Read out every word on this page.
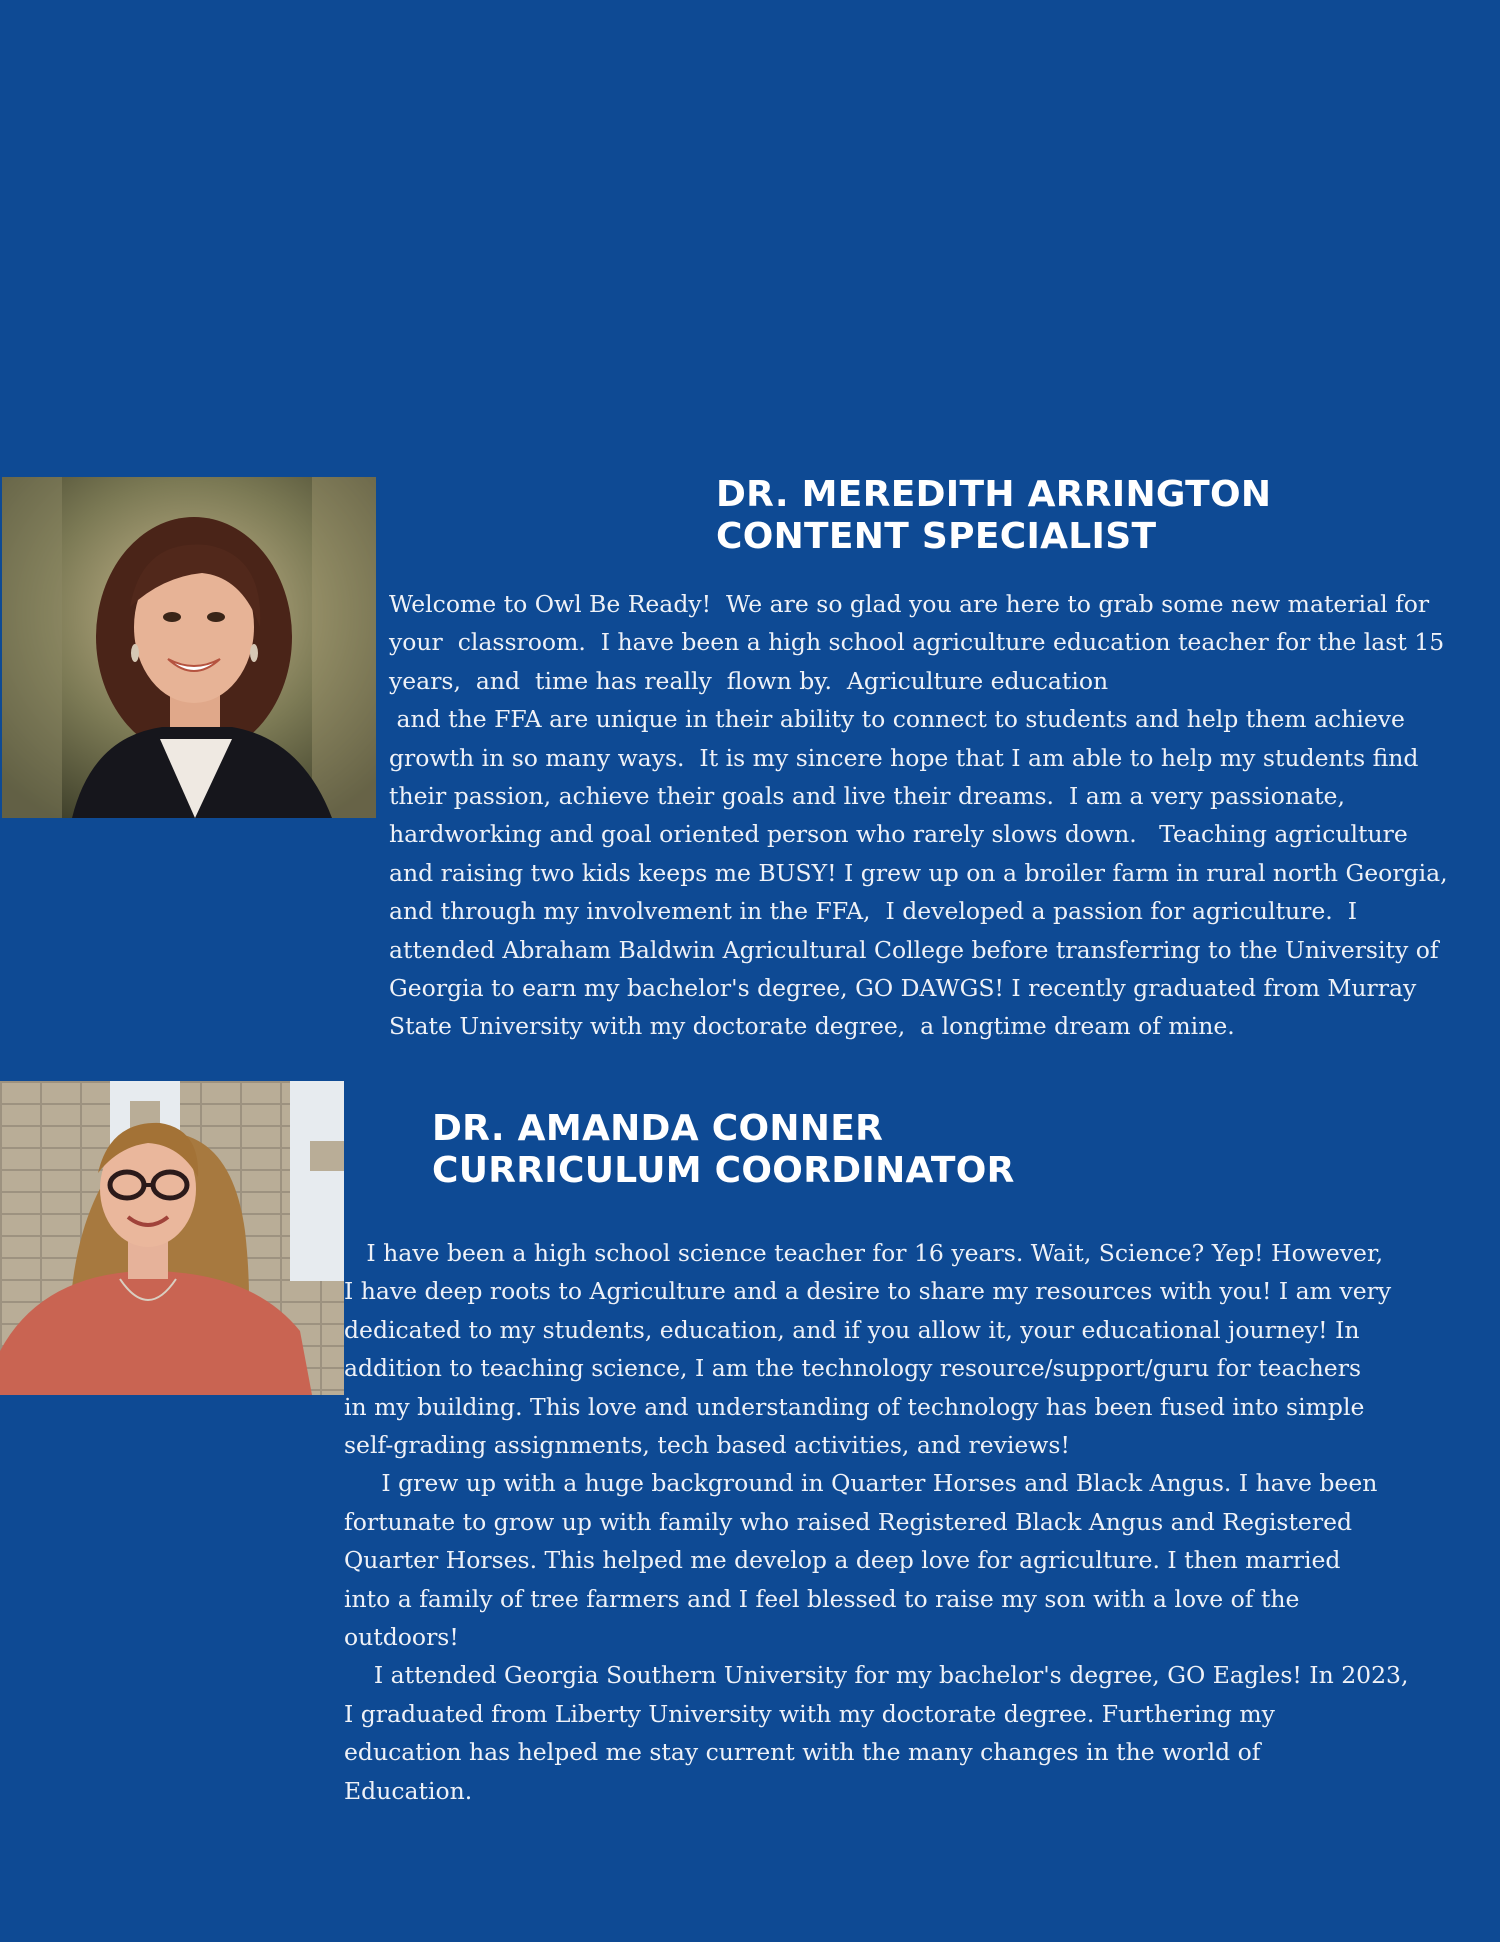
DR. MEREDITH ARRINGTON
CONTENT SPECIALIST
Welcome to Owl Be Ready!  We are so glad you are here to grab some new material for
your  classroom.  I have been a high school agriculture education teacher for the last 15
years,  and  time has really  flown by.  Agriculture education
and the FFA are unique in their ability to connect to students and help them achieve
growth in so many ways.  It is my sincere hope that I am able to help my students find
their passion, achieve their goals and live their dreams.  I am a very passionate,
hardworking and goal oriented person who rarely slows down.   Teaching agriculture
and raising two kids keeps me BUSY! I grew up on a broiler farm in rural north Georgia,
and through my involvement in the FFA,  I developed a passion for agriculture.  I
attended Abraham Baldwin Agricultural College before transferring to the University of
Georgia to earn my bachelor's degree, GO DAWGS! I recently graduated from Murray
State University with my doctorate degree,  a longtime dream of mine.
DR. AMANDA CONNER
CURRICULUM COORDINATOR
I have been a high school science teacher for 16 years. Wait, Science? Yep! However,
I have deep roots to Agriculture and a desire to share my resources with you! I am very
dedicated to my students, education, and if you allow it, your educational journey! In
addition to teaching science, I am the technology resource/support/guru for teachers
in my building. This love and understanding of technology has been fused into simple
self-grading assignments, tech based activities, and reviews!
I grew up with a huge background in Quarter Horses and Black Angus. I have been
fortunate to grow up with family who raised Registered Black Angus and Registered
Quarter Horses. This helped me develop a deep love for agriculture. I then married
into a family of tree farmers and I feel blessed to raise my son with a love of the
outdoors!
I attended Georgia Southern University for my bachelor's degree, GO Eagles! In 2023,
I graduated from Liberty University with my doctorate degree. Furthering my
education has helped me stay current with the many changes in the world of
Education.
